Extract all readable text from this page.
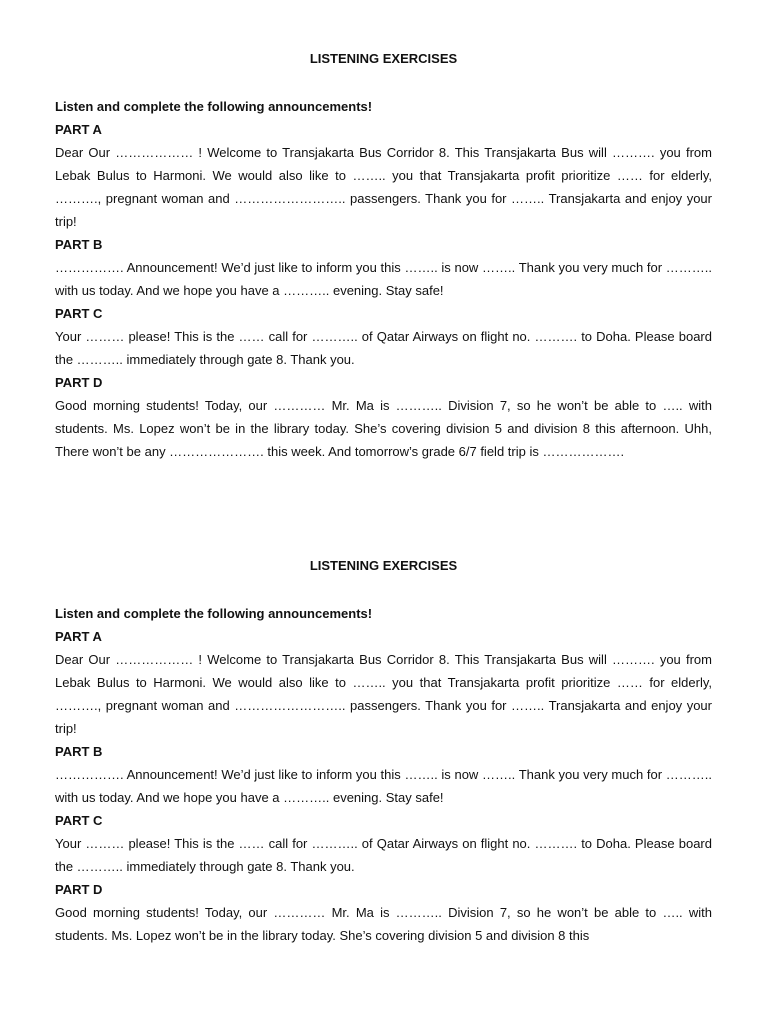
LISTENING EXERCISES

Listen and complete the following announcements!

PART A

Dear Our ……………… ! Welcome to Transjakarta Bus Corridor 8. This Transjakarta Bus will ………. you from Lebak Bulus to Harmoni. We would also like to …….. you that Transjakarta profit prioritize …… for elderly, ………., pregnant woman and …………………….. passengers. Thank you for …….. Transjakarta and enjoy your trip!

PART B

……………. Announcement! We’d just like to inform you this …….. is now …….. Thank you very much for ……….. with us today. And we hope you have a ……….. evening. Stay safe!

PART C

Your ……… please! This is the …… call for ……….. of Qatar Airways on flight no. ………. to Doha. Please board the ……….. immediately through gate 8. Thank you.

PART D

Good morning students! Today, our ………… Mr. Ma is ……….. Division 7, so he won’t be able to ….. with students. Ms. Lopez won’t be in the library today. She’s covering division 5 and division 8 this afternoon. Uhh, There won’t be any …………………. this week. And tomorrow’s grade 6/7 field trip is ……………….

LISTENING EXERCISES

Listen and complete the following announcements!

PART A

Dear Our ……………… ! Welcome to Transjakarta Bus Corridor 8. This Transjakarta Bus will ………. you from Lebak Bulus to Harmoni. We would also like to …….. you that Transjakarta profit prioritize …… for elderly, ………., pregnant woman and …………………….. passengers. Thank you for …….. Transjakarta and enjoy your trip!

PART B

……………. Announcement! We’d just like to inform you this …….. is now …….. Thank you very much for ……….. with us today. And we hope you have a ……….. evening. Stay safe!

PART C

Your ……… please! This is the …… call for ……….. of Qatar Airways on flight no. ………. to Doha. Please board the ……….. immediately through gate 8. Thank you.

PART D

Good morning students! Today, our ………… Mr. Ma is ……….. Division 7, so he won’t be able to ….. with students. Ms. Lopez won’t be in the library today. She’s covering division 5 and division 8 this
